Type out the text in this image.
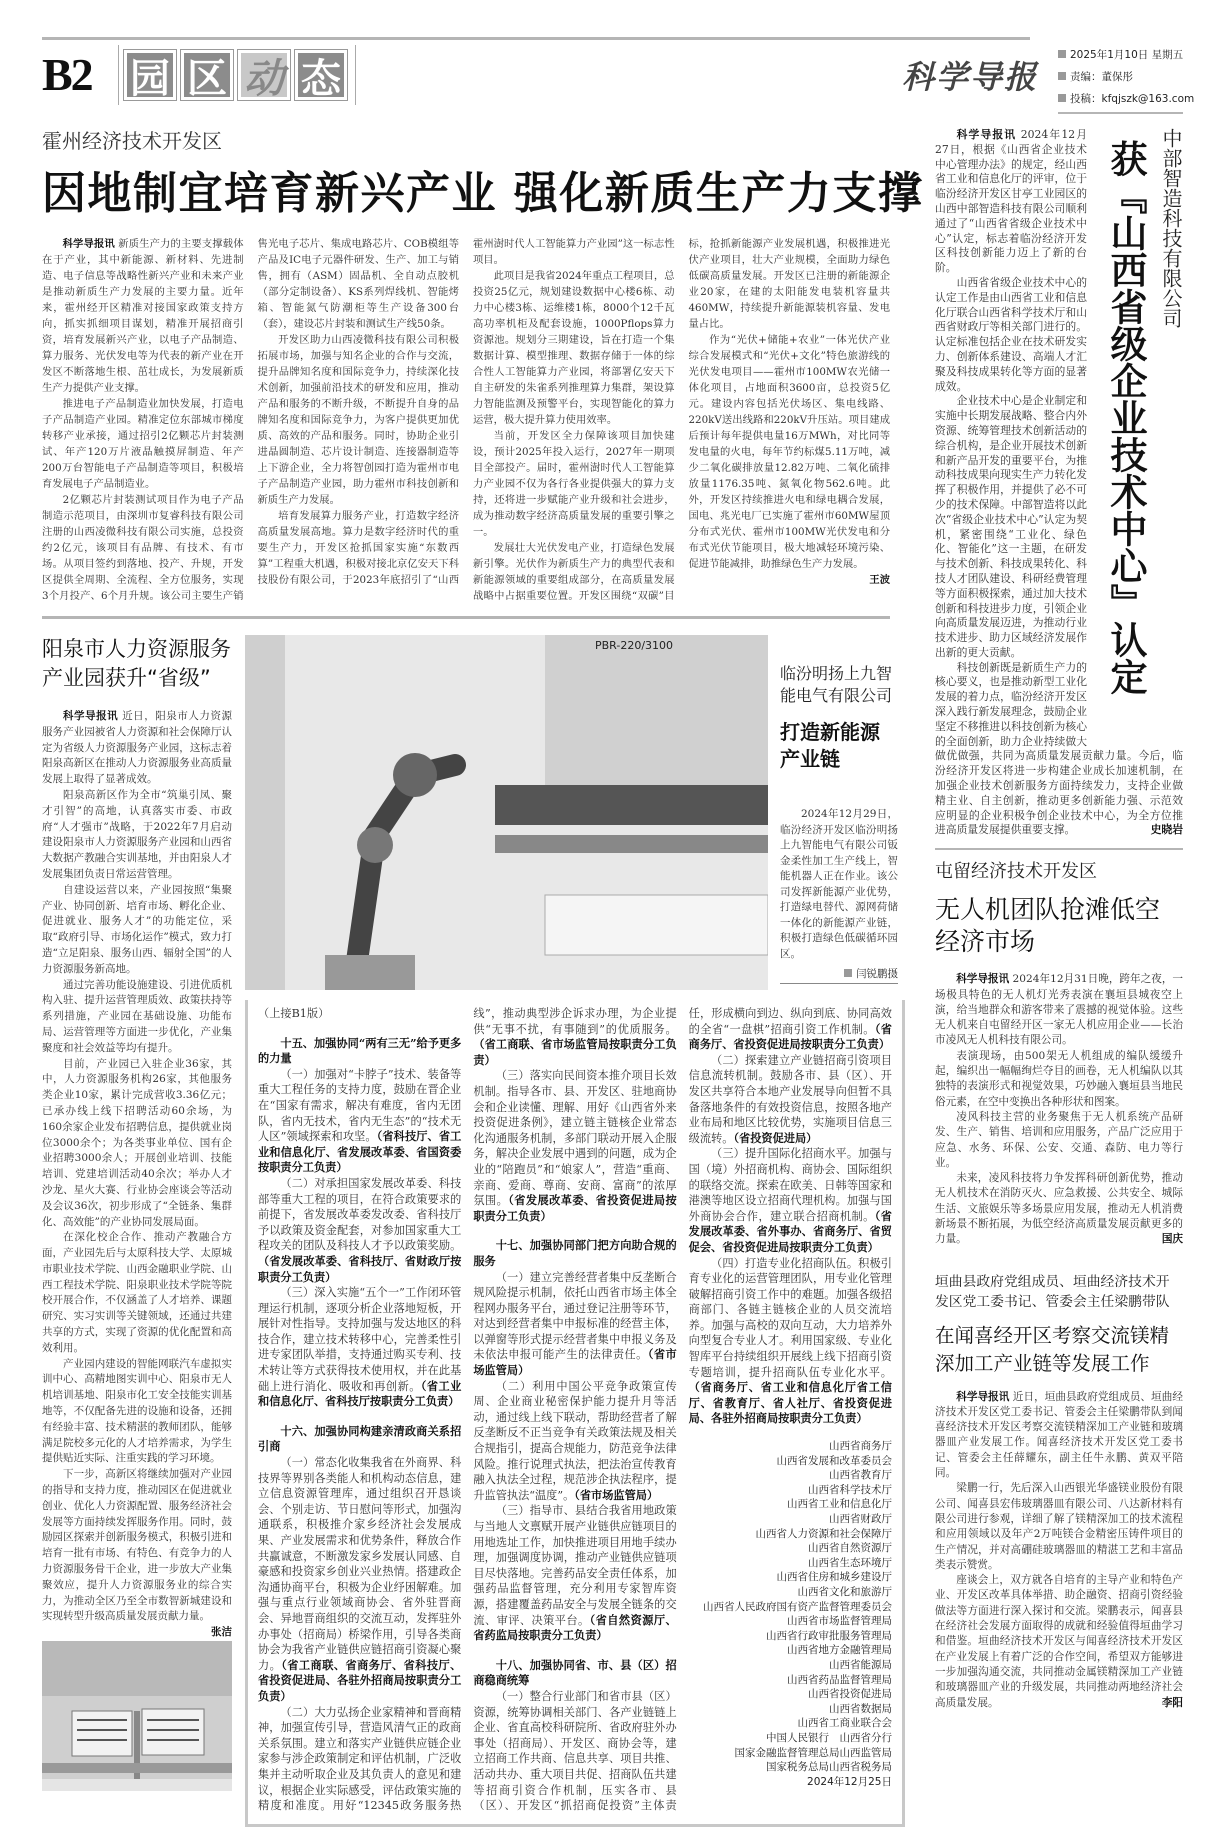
B2 园 区 动 态	科学导报
2025年1月10日 星期五
责编：董保彤
投稿：kfqjszk@163.com
霍州经济技术开发区
因地制宜培育新兴产业 强化新质生产力支撑

科学导报讯 新质生产力的主要支撑载体在于产业，其中新能源、新材料、先进制造、电子信息等战略性新兴产业和未来产业是推动新质生产力发展的主要力量。近年来，霍州经开区精准对接国家政策支持方向，抓实抓细项目谋划，精准开展招商引资，培育发展新兴产业，以电子产品制造、算力服务、光伏发电等为代表的新产业在开发区不断落地生根、茁壮成长，为发展新质生产力提供产业支撑。

推进电子产品制造业加快发展，打造电子产品制造产业园。精准定位东部城市梯度转移产业承接，通过招引2亿颗芯片封装测试、年产120万片液晶触摸屏制造、年产200万台智能电子产品制造等项目，积极培育发展电子产品制造业。

2亿颗芯片封装测试项目作为电子产品制造示范项目，由深圳市复睿科技有限公司注册的山西凌微科技有限公司实施，总投资约2亿元，该项目有品牌、有技术、有市场。从项目签约到落地、投产、升规，开发区提供全周期、全流程、全方位服务，实现3个月投产、6个月升规。该公司主要生产销售光电子芯片、集成电路芯片、COB模组等产品及IC电子元器件研发、生产、加工与销售，拥有（ASM）固晶机、全自动点胶机（部分定制设备）、KS系列焊线机、智能烤箱、智能氮气防潮柜等生产设备300台（套），建设芯片封装和测试生产线50条。

开发区助力山西凌微科技有限公司积极拓展市场，加强与知名企业的合作与交流，提升品牌知名度和国际竞争力，持续深化技术创新，加强前沿技术的研发和应用，推动产品和服务的不断升级，不断提升自身的品牌知名度和国际竞争力，为客户提供更加优质、高效的产品和服务。同时，协助企业引进晶圆制造、芯片设计制造、连接器制造等上下游企业，全力将智创园打造为霍州市电子产品制造产业园，助力霍州市科技创新和新质生产力发展。

培育发展算力服务产业，打造数字经济高质量发展高地。算力是数字经济时代的重要生产力，开发区抢抓国家实施“东数西算”工程重大机遇，积极对接北京亿安天下科技股份有限公司，于2023年底招引了“山西霍州澍时代人工智能算力产业园”这一标志性项目。

此项目是我省2024年重点工程项目，总投资25亿元，规划建设数据中心楼6栋、动力中心楼3栋、运维楼1栋，8000个12千瓦高功率机柜及配套设施，1000Pflops算力资源池。规划分三期建设，旨在打造一个集数据计算、模型推理、数据存储于一体的综合性人工智能算力产业园，将部署亿安天下自主研发的朱雀系列推理算力集群，架设算力智能监测及预警平台，实现智能化的算力运营，极大提升算力使用效率。

当前，开发区全力保障该项目加快建设，预计2025年投入运行，2027年一期项目全部投产。届时，霍州澍时代人工智能算力产业园不仅为各行各业提供强大的算力支持，还将进一步赋能产业升级和社会进步，成为推动数字经济高质量发展的重要引擎之一。

发展壮大光伏发电产业，打造绿色发展新引擎。光伏作为新质生产力的典型代表和新能源领域的重要组成部分，在高质量发展战略中占据重要位置。开发区围绕“双碳”目标，抢抓新能源产业发展机遇，积极推进光伏产业项目，壮大产业规模，全面助力绿色低碳高质量发展。开发区已注册的新能源企业20家，在建的太阳能发电装机容量共460MW，持续提升新能源装机容量、发电量占比。

作为“光伏+储能+农业”一体光伏产业综合发展模式和“光伏+文化”特色旅游线的光伏发电项目——霍州市100MW农光储一体化项目，占地面积3600亩，总投资5亿元。建设内容包括光伏场区、集电线路、220kV送出线路和220kV升压站。项目建成后预计每年提供电量16万MWh，对比同等发电量的火电，每年节约标煤5.11万吨，减少二氧化碳排放量12.82万吨、二氧化硫排放量1176.35吨、氮氧化物562.6吨。此外，开发区持续推进火电和绿电耦合发展，国电、兆光电厂已实施了霍州市60MW屋顶分布式光伏、霍州市100MW光伏发电和分布式光伏节能项目，极大地减轻环境污染、促进节能减排，助推绿色生产力发展。
王波

阳泉市人力资源服务产业园获升“省级”

科学导报讯 近日，阳泉市人力资源服务产业园被省人力资源和社会保障厅认定为省级人力资源服务产业园，这标志着阳泉高新区在推动人力资源服务业高质量发展上取得了显著成效。

阳泉高新区作为全市“筑巢引凤、聚才引智”的高地，认真落实市委、市政府“人才强市”战略，于2022年7月启动建设阳泉市人力资源服务产业园和山西省大数据产教融合实训基地，并由阳泉人才发展集团负责日常运营管理。

自建设运营以来，产业园按照“集聚产业、协同创新、培育市场、孵化企业、促进就业、服务人才”的功能定位，采取“政府引导、市场化运作”模式，致力打造“立足阳泉、服务山西、辐射全国”的人力资源服务新高地。

通过完善功能设施建设、引进优质机构入驻、提升运营管理质效、政策扶持等系列措施，产业园在基础设施、功能布局、运营管理等方面进一步优化，产业集聚度和社会效益等均有提升。

目前，产业园已入驻企业36家，其中，人力资源服务机构26家，其他服务类企业10家，累计完成营收3.36亿元；已承办线上线下招聘活动60余场，为160余家企业发布招聘信息，提供就业岗位3000余个；为各类事业单位、国有企业招聘3000余人；开展创业培训、技能培训、党建培训活动40余次；举办人才沙龙、星火大赛、行业协会座谈会等活动及会议36次，初步形成了“全链条、集群化、高效能”的产业协同发展局面。

在深化校企合作、推动产教融合方面，产业园先后与太原科技大学、太原城市职业技术学院、山西金融职业学院、山西工程技术学院、阳泉职业技术学院等院校开展合作，不仅涵盖了人才培养、课题研究、实习实训等关键领域，还通过共建共享的方式，实现了资源的优化配置和高效利用。

产业园内建设的智能网联汽车虚拟实训中心、高精地图实训中心、阳泉市无人机培训基地、阳泉市化工安全技能实训基地等，不仅配备先进的设施和设备，还拥有经验丰富、技术精湛的教师团队，能够满足院校多元化的人才培养需求，为学生提供贴近实际、注重实践的学习环境。

下一步，高新区将继续加强对产业园的指导和支持力度，推动园区在促进就业创业、优化人力资源配置、服务经济社会发展等方面持续发挥服务作用。同时，鼓励园区探索并创新服务模式，积极引进和培育一批有市场、有特色、有竞争力的人力资源服务骨干企业，进一步放大产业集聚效应，提升人力资源服务业的综合实力，为推动全区乃至全市数智新城建设和实现转型升级高质量发展贡献力量。
张洁

PBR-220/3100
临汾明扬上九智能电气有限公司
打造新能源产业链
2024年12月29日，临汾经济开发区临汾明扬上九智能电气有限公司钣金柔性加工生产线上，智能机器人正在作业。该公司发挥新能源产业优势，打造绿电替代、源网荷储一体化的新能源产业链，积极打造绿色低碳循环园区。
闫锐鹏摄

（上接B1版）

十五、加强协同“两有三无”给予更多的力量

（一）加强对“卡脖子”技术、装备等重大工程任务的支持力度，鼓励在晋企业在“国家有需求，解决有难度，省内无团队，省内无技术，省内无生态”的“技术无人区”领域探索和攻坚。（省科技厅、省工业和信息化厅、省发展改革委、省国资委按职责分工负责）

（二）对承担国家发展改革委、科技部等重大工程的项目，在符合政策要求的前提下，省发展改革委发改委、省科技厅予以政策及资金配套，对参加国家重大工程攻关的团队及科技人才予以政策奖励。（省发展改革委、省科技厅、省财政厅按职责分工负责）

（三）深入实施“五个一”工作闭环管理运行机制，逐项分析企业落地短板，开展针对性指导。支持加强与发达地区的科技合作，建立技术转移中心，完善柔性引进专家团队举措，支持通过购买专利、技术转让等方式获得技术使用权，并在此基础上进行消化、吸收和再创新。（省工业和信息化厅、省科技厅按职责分工负责）

十六、加强协同构建亲清政商关系招引商

（一）常态化收集我省在外商界、科技界等界别各类能人和机构动态信息，建立信息资源管理库，通过组织召开恳谈会、个别走访、节日慰问等形式，加强沟通联系，积极推介家乡经济社会发展成果、产业发展需求和优势条件，释放合作共赢诚意，不断激发家乡发展认同感、自豪感和投资家乡创业兴业热情。搭建政企沟通协商平台，积极为企业纾困解难。加强与重点行业领域商协会、省外驻晋商会、异地晋商组织的交流互动，发挥驻外办事处（招商局）桥梁作用，引导各类商协会为我省产业链供应链招商引资凝心聚力。（省工商联、省商务厅、省科技厅、省投资促进局、各驻外招商局按职责分工负责）

（二）大力弘扬企业家精神和晋商精神，加强宣传引导，营造风清气正的政商关系氛围。建立和落实产业链供应链企业家参与涉企政策制定和评估机制，广泛收集并主动听取企业及其负责人的意见和建议，根据企业实际感受，评估政策实施的精度和准度。用好“12345政务服务热线”，推动典型涉企诉求办理，为企业提供“无事不扰，有事随到”的优质服务。（省工商联、省市场监管局按职责分工负责）

（三）落实向民间资本推介项目长效机制。指导各市、县、开发区、驻地商协会和企业读懂、理解、用好《山西省外来投资促进条例》，建立链主链核企业常态化沟通服务机制，多部门联动开展入企服务，解决企业发展中遇到的问题，成为企业的“陪跑员”和“娘家人”，营造“重商、亲商、爱商、尊商、安商、富商”的浓厚氛围。（省发展改革委、省投资促进局按职责分工负责）

十七、加强协同部门把方向助合规的服务

（一）建立完善经营者集中反垄断合规风险提示机制，依托山西省市场主体全程网办服务平台，通过登记注册等环节，对达到经营者集中申报标准的经营主体，以弹窗等形式提示经营者集中申报义务及未依法申报可能产生的法律责任。（省市场监管局）

（二）利用中国公平竞争政策宣传周、企业商业秘密保护能力提升月等活动，通过线上线下联动，帮助经营者了解反垄断反不正当竞争有关政策法规及相关合规指引，提高合规能力，防范竞争法律风险。推行说理式执法，把法治宣传教育融入执法全过程，规范涉企执法程序，提升监管执法“温度”。（省市场监管局）

（三）指导市、县结合我省用地政策与当地人文禀赋开展产业链供应链项目的用地选址工作，加快推进项目用地手续办理，加强调度协调，推动产业链供应链项目尽快落地。完善药品安全责任体系，加强药品监督管理，充分利用专家智库资源，搭建覆盖药品安全与发展全链条的交流、审评、决策平台。（省自然资源厅、省药监局按职责分工负责）

十八、加强协同省、市、县（区）招商稳商统筹

（一）整合行业部门和省市县（区）资源，统筹协调相关部门、各产业链链上企业、省直高校科研院所、省政府驻外办事处（招商局）、开发区、商协会等，建立招商工作共商、信息共享、项目共推、活动共办、重大项目共促、招商队伍共建等招商引资合作机制，压实各市、县（区）、开发区“抓招商促投资”主体责任，形成横向到边、纵向到底、协同高效的全省“一盘棋”招商引资工作机制。（省商务厅、省投资促进局按职责分工负责）

（二）探索建立产业链招商引资项目信息流转机制。鼓励各市、县（区）、开发区共享符合本地产业发展导向但暂不具备落地条件的有效投资信息，按照各地产业布局和地区比较优势，实施项目信息三级流转。（省投资促进局）

（三）提升国际化招商水平。加强与国（境）外招商机构、商协会、国际组织的联络交流。探索在欧美、日韩等国家和港澳等地区设立招商代理机构。加强与国外商协会合作，建立联合招商机制。（省发展改革委、省外事办、省商务厅、省贸促会、省投资促进局按职责分工负责）

（四）打造专业化招商队伍。积极引育专业化的运营管理团队，用专业化管理破解招商引资工作中的难题。加强各级招商部门、各链主链核企业的人员交流培养。加强与高校的双向互动，大力培养外向型复合专业人才。利用国家级、专业化智库平台持续组织开展线上线下招商引资专题培训，提升招商队伍专业化水平。（省商务厅、省工业和信息化厅省工信厅、省教育厅、省人社厅、省投资促进局、各驻外招商局按职责分工负责）

山西省商务厅
山西省发展和改革委员会
山西省教育厅
山西省科学技术厅
山西省工业和信息化厅
山西省财政厅
山西省人力资源和社会保障厅
山西省自然资源厅
山西省生态环境厅
山西省住房和城乡建设厅
山西省文化和旅游厅
山西省人民政府国有资产监督管理委员会
山西省市场监督管理局
山西省行政审批服务管理局
山西省地方金融管理局
山西省能源局
山西省药品监督管理局
山西省投资促进局
山西省数据局
山西省工商业联合会
中国人民银行　山西省分行
国家金融监督管理总局山西监管局
国家税务总局山西省税务局
2024年12月25日
中部智造科技有限公司
获『山西省级企业技术中心』认定

科学导报讯 2024年12月27日，根据《山西省企业技术中心管理办法》的规定，经山西省工业和信息化厅的评审，位于临汾经济开发区甘亭工业园区的山西中部智造科技有限公司顺利通过了“山西省省级企业技术中心”认定，标志着临汾经济开发区科技创新能力迈上了新的台阶。

山西省省级企业技术中心的认定工作是由山西省工业和信息化厅联合山西省科学技术厅和山西省财政厅等相关部门进行的。认定标准包括企业在技术研发实力、创新体系建设、高端人才汇聚及科技成果转化等方面的显著成效。

企业技术中心是企业制定和实施中长期发展战略、整合内外资源、统筹管理技术创新活动的综合机构，是企业开展技术创新和新产品开发的重要平台，为推动科技成果向现实生产力转化发挥了积极作用，并提供了必不可少的技术保障。中部智造将以此次“省级企业技术中心”认定为契机，紧密围绕“工业化、绿色化、智能化”这一主题，在研发与技术创新、科技成果转化、科技人才团队建设、科研经费管理等方面积极探索，通过加大技术创新和科技进步力度，引领企业向高质量发展迈进，为推动行业技术进步、助力区域经济发展作出新的更大贡献。

科技创新既是新质生产力的核心要义，也是推动新型工业化发展的着力点，临汾经济开发区深入践行新发展理念，鼓励企业坚定不移推进以科技创新为核心的全面创新，助力企业持续做大做优做强，共同为高质量发展贡献力量。今后，临汾经济开发区将进一步构建企业成长加速机制，在加强企业技术创新服务方面持续发力，支持企业做精主业、自主创新，推动更多创新能力强、示范效应明显的企业积极争创企业技术中心，为全方位推进高质量发展提供重要支撑。	史晓岩

屯留经济技术开发区
无人机团队抢滩低空经济市场

科学导报讯 2024年12月31日晚，跨年之夜，一场极具特色的无人机灯光秀表演在襄垣县城夜空上演，给当地群众和游客带来了震撼的视觉体验。这些无人机来自屯留经开区一家无人机应用企业——长治市凌风无人机科技有限公司。

表演现场，由500架无人机组成的编队缓缓升起，编织出一幅幅绚烂夺目的画卷，无人机编队以其独特的表演形式和视觉效果，巧妙融入襄垣县当地民俗元素，在空中变换出各种形状和图案。

凌风科技主营的业务聚焦于无人机系统产品研发、生产、销售、培训和应用服务，产品广泛应用于应急、水务、环保、公安、交通、森防、电力等行业。

未来，凌风科技将力争发挥科研创新优势，推动无人机技术在消防灭火、应急救援、公共安全、城际生活、文旅娱乐等多场景应用发展，推动无人机消费新场景不断拓展，为低空经济高质量发展贡献更多的力量。	国庆

垣曲县政府党组成员、垣曲经济技术开发区党工委书记、管委会主任梁鹏带队
在闻喜经开区考察交流镁精深加工产业链等发展工作

科学导报讯 近日，垣曲县政府党组成员、垣曲经济技术开发区党工委书记、管委会主任梁鹏带队到闻喜经济技术开发区考察交流镁精深加工产业链和玻璃器皿产业发展工作。闻喜经济技术开发区党工委书记、管委会主任薛耀东，副主任牛永鹏、黄双平陪同。

梁鹏一行，先后深入山西银光华盛镁业股份有限公司、闻喜县宏伟玻璃器皿有限公司、八达新材料有限公司进行参观，详细了解了镁精深加工的技术流程和应用领域以及年产2万吨镁合金精密压铸件项目的生产情况，并对高硼硅玻璃器皿的精湛工艺和丰富品类表示赞赏。

座谈会上，双方就各自培育的主导产业和特色产业、开发区改革具体举措、助企融资、招商引资经验做法等方面进行深入探讨和交流。梁鹏表示，闻喜县在经济社会发展方面取得的成就和经验值得垣曲学习和借鉴。垣曲经济技术开发区与闻喜经济技术开发区在产业发展上有着广泛的合作空间，希望双方能够进一步加强沟通交流，共同推动金属镁精深加工产业链和玻璃器皿产业的升级发展，共同推动两地经济社会高质量发展。	李阳
